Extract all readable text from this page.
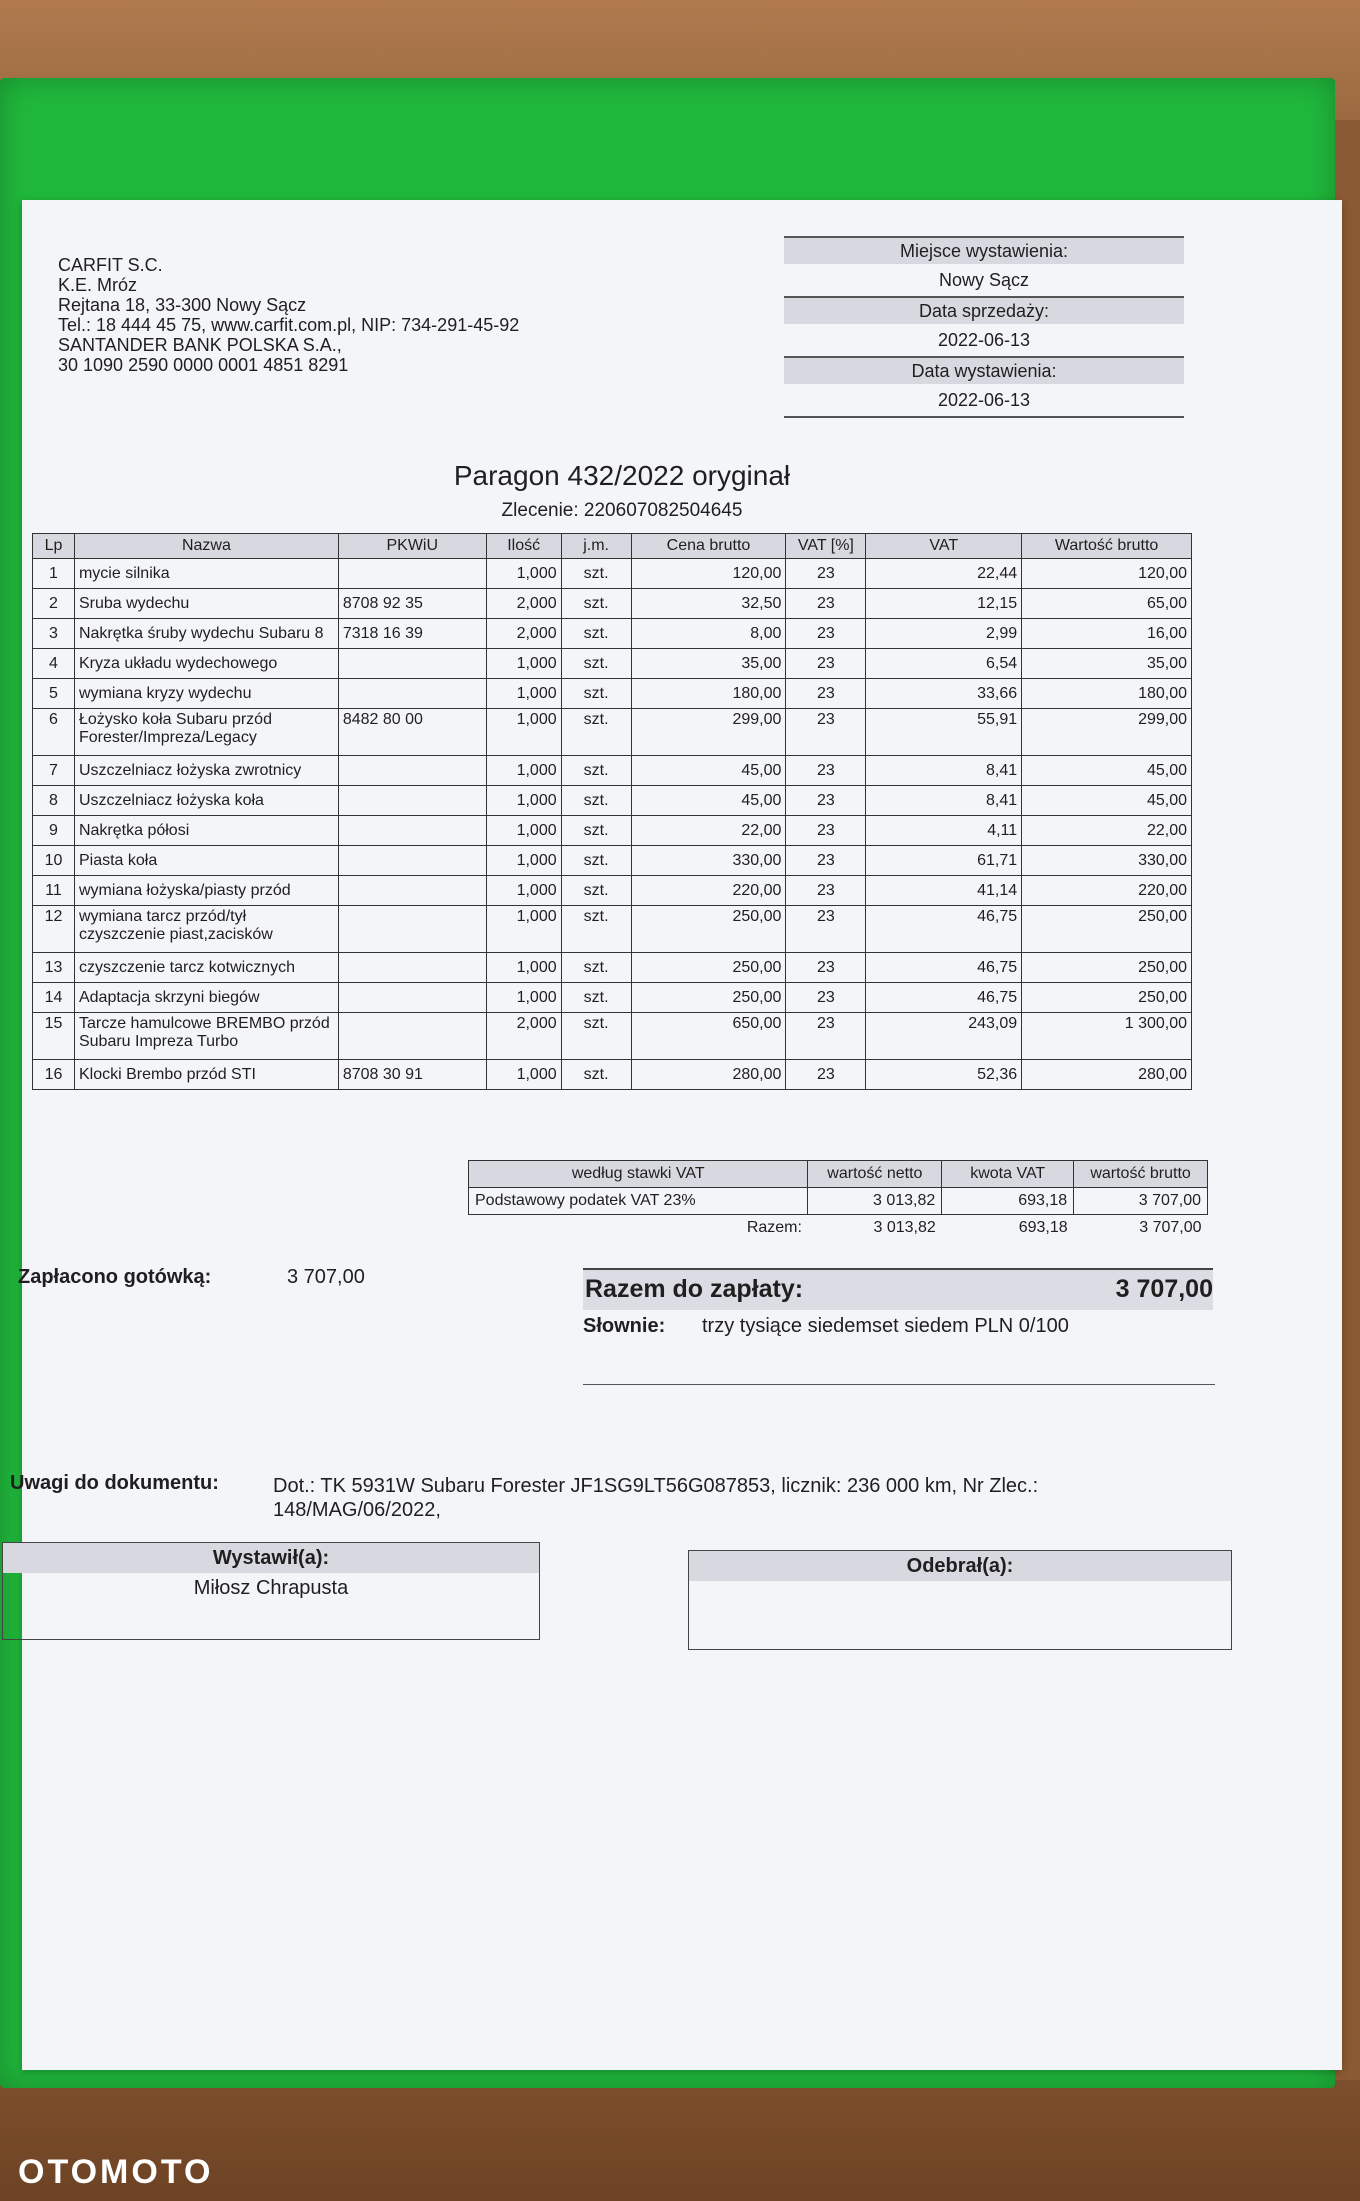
CARFIT S.C.
K.E. Mróz
Rejtana 18, 33-300 Nowy Sącz
Tel.: 18 444 45 75, www.carfit.com.pl, NIP: 734-291-45-92
SANTANDER BANK POLSKA S.A.,
30 1090 2590 0000 0001 4851 8291
Miejsce wystawienia:
Nowy Sącz
Data sprzedaży:
2022-06-13
Data wystawienia:
2022-06-13
Paragon 432/2022 oryginał
Zlecenie: 220607082504645
Lp	Nazwa	PKWiU	Ilość	j.m.	Cena brutto	VAT [%]	VAT	Wartość brutto
1	mycie silnika		1,000	szt.	120,00	23	22,44	120,00
2	Sruba wydechu	8708 92 35	2,000	szt.	32,50	23	12,15	65,00
3	Nakrętka śruby wydechu Subaru 8	7318 16 39	2,000	szt.	8,00	23	2,99	16,00
4	Kryza układu wydechowego		1,000	szt.	35,00	23	6,54	35,00
5	wymiana kryzy wydechu		1,000	szt.	180,00	23	33,66	180,00
6	Łożysko koła Subaru przód Forester/Impreza/Legacy	8482 80 00	1,000	szt.	299,00	23	55,91	299,00
7	Uszczelniacz łożyska zwrotnicy		1,000	szt.	45,00	23	8,41	45,00
8	Uszczelniacz łożyska koła		1,000	szt.	45,00	23	8,41	45,00
9	Nakrętka półosi		1,000	szt.	22,00	23	4,11	22,00
10	Piasta koła		1,000	szt.	330,00	23	61,71	330,00
11	wymiana łożyska/piasty przód		1,000	szt.	220,00	23	41,14	220,00
12	wymiana tarcz przód/tył czyszczenie piast,zacisków		1,000	szt.	250,00	23	46,75	250,00
13	czyszczenie tarcz kotwicznych		1,000	szt.	250,00	23	46,75	250,00
14	Adaptacja skrzyni biegów		1,000	szt.	250,00	23	46,75	250,00
15	Tarcze hamulcowe BREMBO przód Subaru Impreza Turbo		2,000	szt.	650,00	23	243,09	1 300,00
16	Klocki Brembo przód STI	8708 30 91	1,000	szt.	280,00	23	52,36	280,00
według stawki VAT	wartość netto	kwota VAT	wartość brutto
Podstawowy podatek VAT 23%	3 013,82	693,18	3 707,00
Razem:	3 013,82	693,18	3 707,00
Zapłacono gotówką:	3 707,00	Razem do zapłaty:	3 707,00
Słownie: trzy tysiące siedemset siedem PLN 0/100
Uwagi do dokumentu:	Dot.: TK 5931W Subaru Forester JF1SG9LT56G087853, licznik: 236 000 km, Nr Zlec.: 148/MAG/06/2022,
Wystawił(a):
Miłosz Chrapusta
Odebrał(a):
OTOMOTO
